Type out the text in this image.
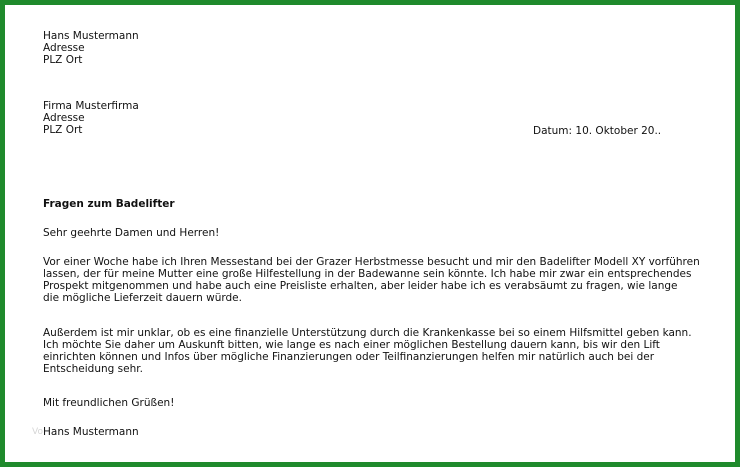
Hans Mustermann
Adresse
PLZ Ort
Firma Musterfirma
Adresse
PLZ Ort	Datum: 10. Oktober 20..
Fragen zum Badelifter
Sehr geehrte Damen und Herren!
Vor einer Woche habe ich Ihren Messestand bei der Grazer Herbstmesse besucht und mir den Badelifter Modell XY vorführen
lassen, der für meine Mutter eine große Hilfestellung in der Badewanne sein könnte. Ich habe mir zwar ein entsprechendes
Prospekt mitgenommen und habe auch eine Preisliste erhalten, aber leider habe ich es verabsäumt zu fragen, wie lange
die mögliche Lieferzeit dauern würde.
Außerdem ist mir unklar, ob es eine finanzielle Unterstützung durch die Krankenkasse bei so einem Hilfsmittel geben kann.
Ich möchte Sie daher um Auskunft bitten, wie lange es nach einer möglichen Bestellung dauern kann, bis wir den Lift
einrichten können und Infos über mögliche Finanzierungen oder Teilfinanzierungen helfen mir natürlich auch bei der
Entscheidung sehr.
Mit freundlichen Grüßen!
Vo Hans Mustermann
